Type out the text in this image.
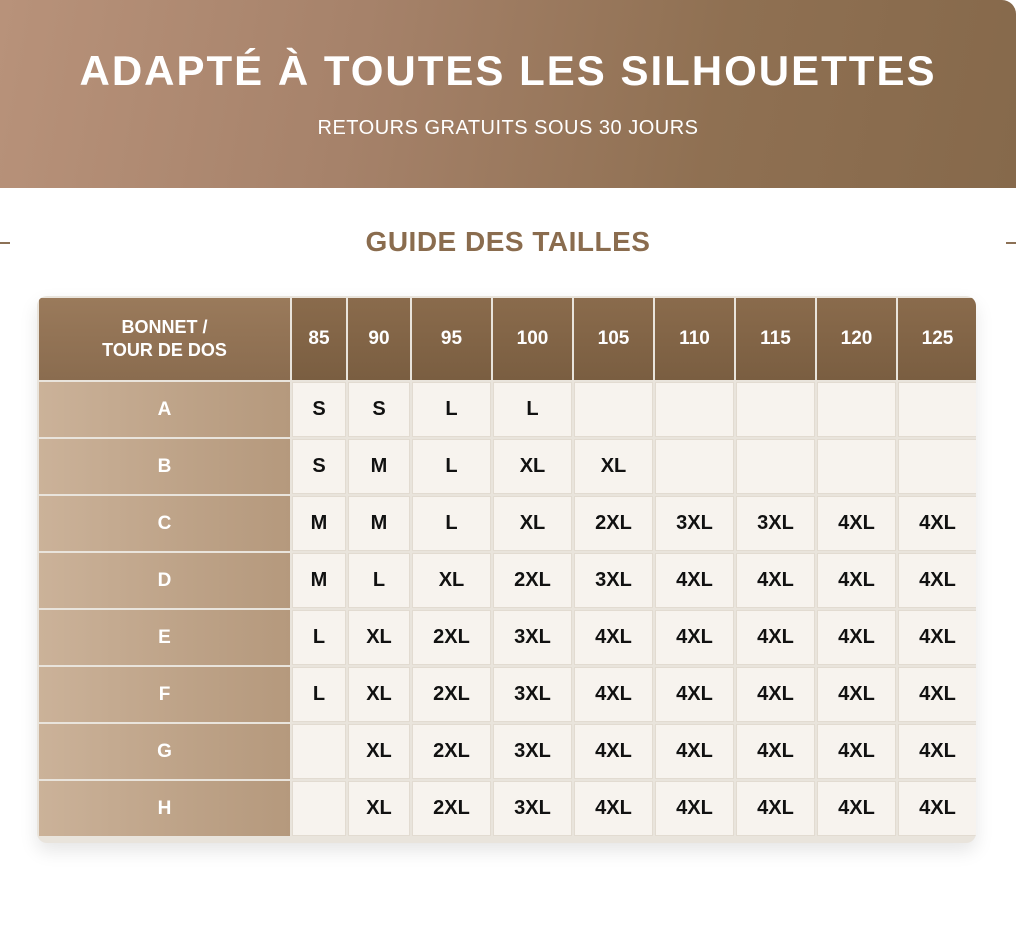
ADAPTÉ À TOUTES LES SILHOUETTES
RETOURS GRATUITS SOUS 30 JOURS
GUIDE DES TAILLES
BONNET /
TOUR DE DOS	85	90	95	100	105	110	115	120	125
A	S	S	L	L					
B	S	M	L	XL	XL				
C	M	M	L	XL	2XL	3XL	3XL	4XL	4XL
D	M	L	XL	2XL	3XL	4XL	4XL	4XL	4XL
E	L	XL	2XL	3XL	4XL	4XL	4XL	4XL	4XL
F	L	XL	2XL	3XL	4XL	4XL	4XL	4XL	4XL
G		XL	2XL	3XL	4XL	4XL	4XL	4XL	4XL
H		XL	2XL	3XL	4XL	4XL	4XL	4XL	4XL
